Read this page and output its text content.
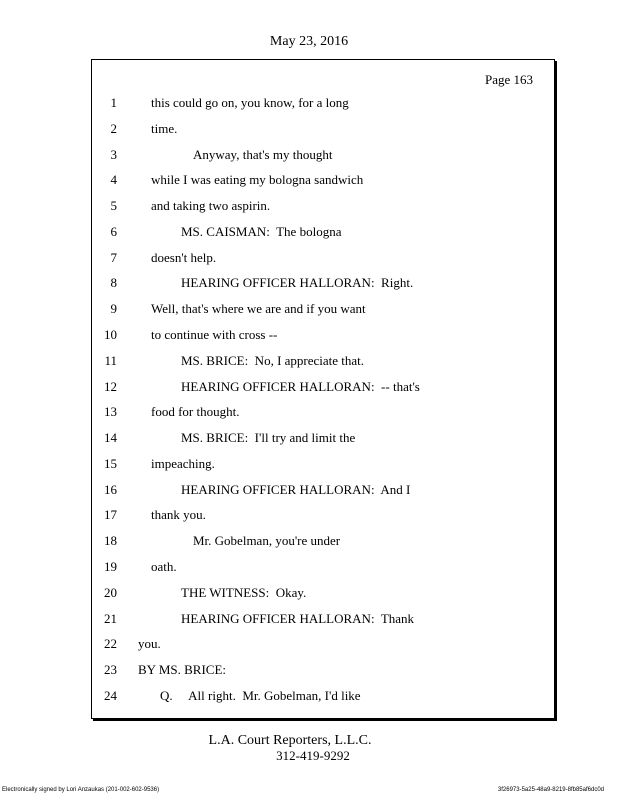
May 23, 2016
Page 163
1	this could go on, you know, for a long
2	time.
3	Anyway, that's my thought
4	while I was eating my bologna sandwich
5	and taking two aspirin.
6	MS. CAISMAN:  The bologna
7	doesn't help.
8	HEARING OFFICER HALLORAN:  Right.
9	Well, that's where we are and if you want
10	to continue with cross --
11	MS. BRICE:  No, I appreciate that.
12	HEARING OFFICER HALLORAN:  -- that's
13	food for thought.
14	MS. BRICE:  I'll try and limit the
15	impeaching.
16	HEARING OFFICER HALLORAN:  And I
17	thank you.
18	Mr. Gobelman, you're under
19	oath.
20	THE WITNESS:  Okay.
21	HEARING OFFICER HALLORAN:  Thank
22 you.
23 BY MS. BRICE:
24	Q.     All right.  Mr. Gobelman, I'd like
L.A. Court Reporters, L.L.C.
312-419-9292
Electronically signed by Lori Anzaukas (201-002-602-9536)	3f26973-5a25-48a9-8219-8fb85af6dc0d
